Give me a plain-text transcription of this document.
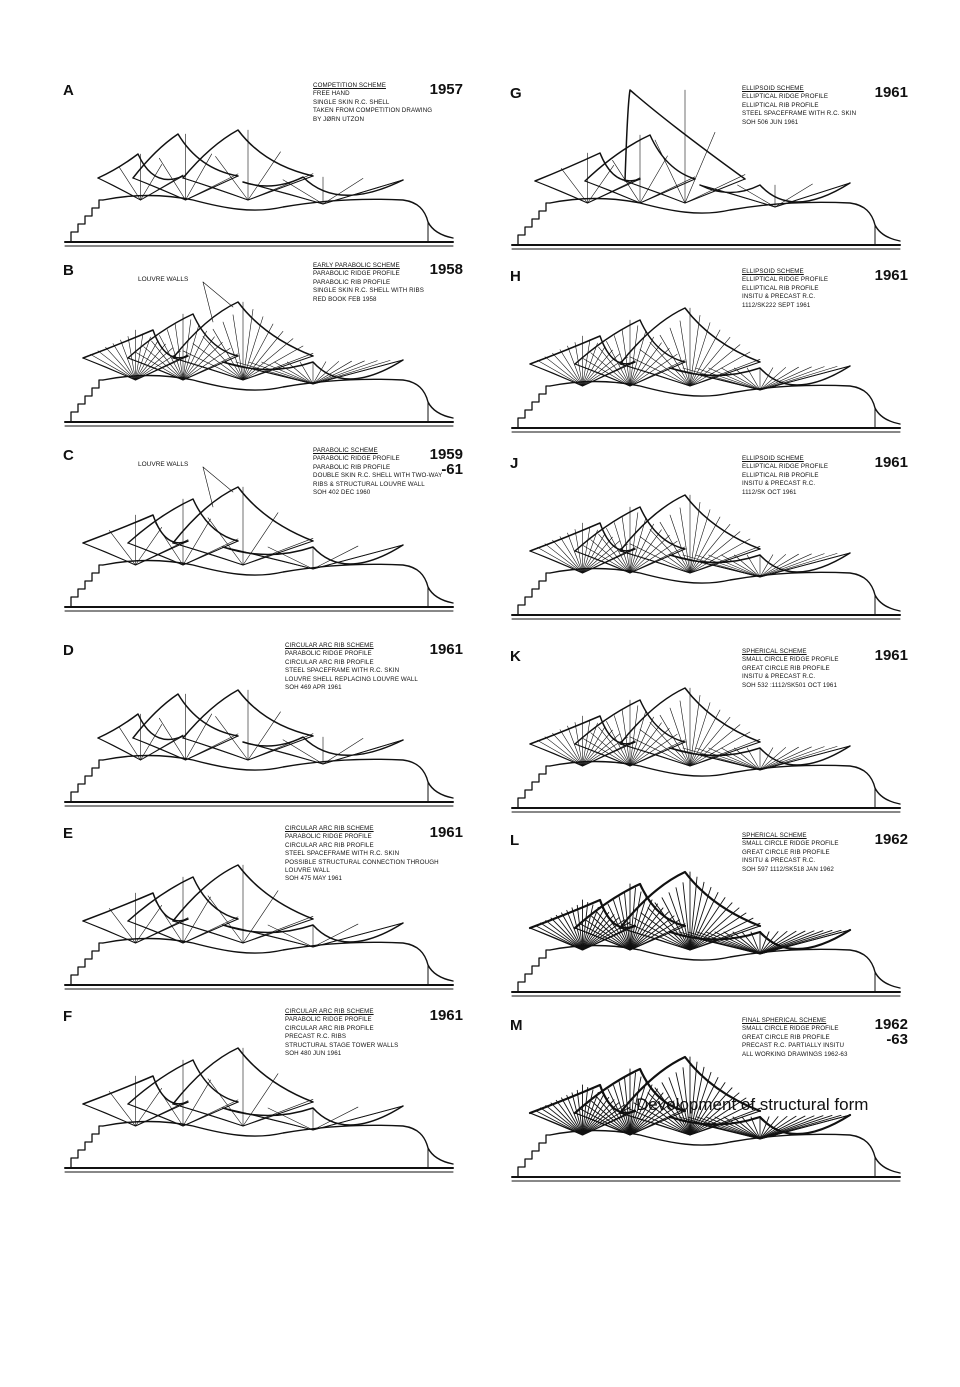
A	COMPETITION SCHEME
FREE HAND
SINGLE SKIN R.C. SHELL
TAKEN FROM COMPETITION DRAWING
BY JØRN UTZON
1957
LOUVRE WALLS
B	EARLY PARABOLIC SCHEME
PARABOLIC RIDGE PROFILE
PARABOLIC RIB PROFILE
SINGLE SKIN R.C. SHELL WITH RIBS
RED BOOK FEB 1958
1958
LOUVRE WALLS
C	PARABOLIC SCHEME
PARABOLIC RIDGE PROFILE
PARABOLIC RIB PROFILE
DOUBLE SKIN R.C. SHELL WITH TWO-WAY
RIBS & STRUCTURAL LOUVRE WALL
SOH 402 DEC 1960
1959
-61
D	CIRCULAR ARC RIB SCHEME
PARABOLIC RIDGE PROFILE
CIRCULAR ARC RIB PROFILE
STEEL SPACEFRAME WITH R.C. SKIN
LOUVRE SHELL REPLACING LOUVRE WALL
SOH 469 APR 1961
1961
E	CIRCULAR ARC RIB SCHEME
PARABOLIC RIDGE PROFILE
CIRCULAR ARC RIB PROFILE
STEEL SPACEFRAME WITH R.C. SKIN
POSSIBLE STRUCTURAL CONNECTION THROUGH
LOUVRE WALL
SOH 475 MAY 1961
1961
F	CIRCULAR ARC RIB SCHEME
PARABOLIC RIDGE PROFILE
CIRCULAR ARC RIB PROFILE
PRECAST R.C. RIBS
STRUCTURAL STAGE TOWER WALLS
SOH 480 JUN 1961
1961
G	ELLIPSOID SCHEME
ELLIPTICAL RIDGE PROFILE
ELLIPTICAL RIB PROFILE
STEEL SPACEFRAME WITH R.C. SKIN
SOH 506 JUN 1961
1961
H	ELLIPSOID SCHEME
ELLIPTICAL RIDGE PROFILE
ELLIPTICAL RIB PROFILE
INSITU & PRECAST R.C.
1112/SK222 SEPT 1961
1961
J	ELLIPSOID SCHEME
ELLIPTICAL RIDGE PROFILE
ELLIPTICAL RIB PROFILE
INSITU & PRECAST R.C.
1112/SK OCT 1961
1961
K	SPHERICAL SCHEME
SMALL CIRCLE RIDGE PROFILE
GREAT CIRCLE RIB PROFILE
INSITU & PRECAST R.C.
SOH 532 :1112/SK501 OCT 1961
1961
L	SPHERICAL SCHEME
SMALL CIRCLE RIDGE PROFILE
GREAT CIRCLE RIB PROFILE
INSITU & PRECAST R.C.
SOH 597 1112/SK518 JAN 1962
1962
M	FINAL SPHERICAL SCHEME
SMALL CIRCLE RIDGE PROFILE
GREAT CIRCLE RIB PROFILE
PRECAST R.C. PARTIALLY INSITU
ALL WORKING DRAWINGS 1962-63
1962
-63
Development of structural form
